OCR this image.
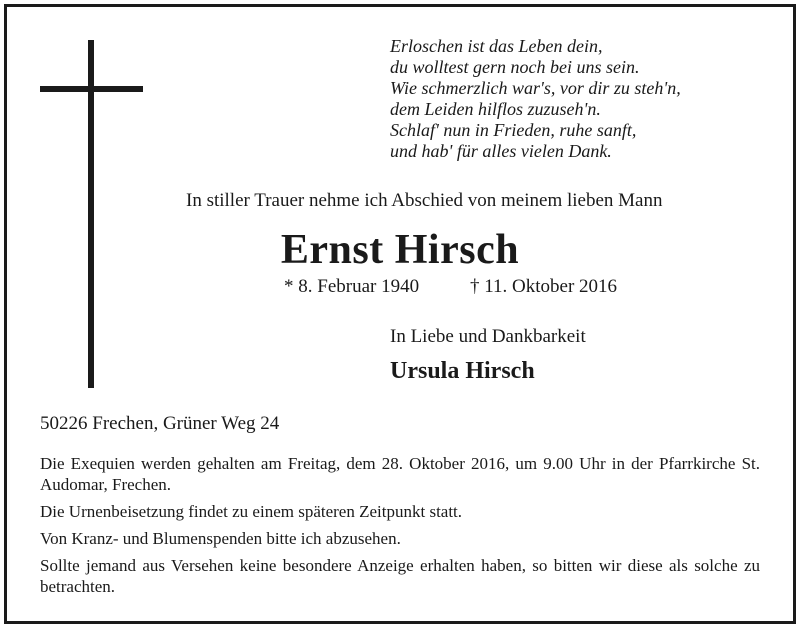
Erloschen ist das Leben dein,
du wolltest gern noch bei uns sein.
Wie schmerzlich war's, vor dir zu steh'n,
dem Leiden hilflos zuzuseh'n.
Schlaf' nun in Frieden, ruhe sanft,
und hab' für alles vielen Dank.
In stiller Trauer nehme ich Abschied von meinem lieben Mann
Ernst Hirsch
* 8. Februar 1940	† 11. Oktober 2016
In Liebe und Dankbarkeit
Ursula Hirsch
50226 Frechen, Grüner Weg 24

Die Exequien werden gehalten am Freitag, dem 28. Oktober 2016, um 9.00 Uhr in der Pfarrkirche St. Audomar, Frechen.

Die Urnenbeisetzung findet zu einem späteren Zeitpunkt statt.

Von Kranz- und Blumenspenden bitte ich abzusehen.

Sollte jemand aus Versehen keine besondere Anzeige erhalten haben, so bitten wir diese als solche zu betrachten.
